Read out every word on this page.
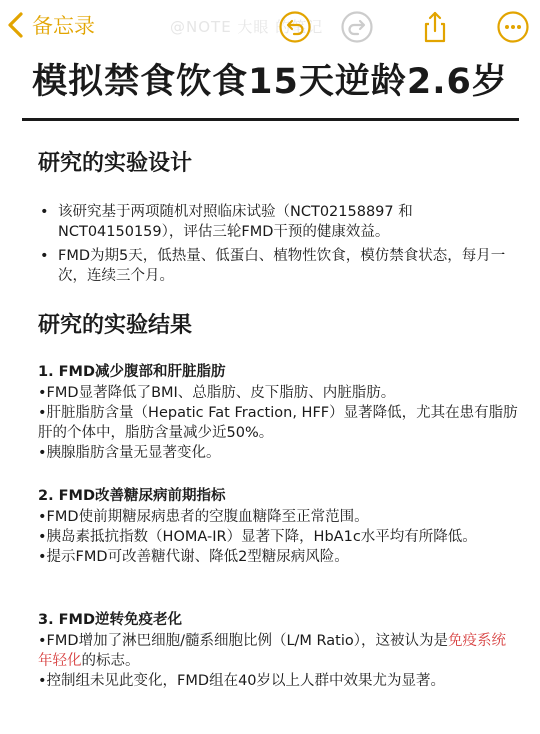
备忘录	@NOTE 大眼 的笔记
模拟禁食饮食15天逆龄2.6岁
研究的实验设计
• 该研究基于两项随机对照临床试验（NCT02158897 和 NCT04150159），评估三轮FMD干预的健康效益。
• FMD为期5天，低热量、低蛋白、植物性饮食，模仿禁食状态，每月一次，连续三个月。
研究的实验结果
1. FMD减少腹部和肝脏脂肪

•FMD显著降低了BMI、总脂肪、皮下脂肪、内脏脂肪。

•肝脏脂肪含量（Hepatic Fat Fraction, HFF）显著降低，尤其在患有脂肪肝的个体中，脂肪含量减少近50%。

•胰腺脂肪含量无显著变化。

2. FMD改善糖尿病前期指标

•FMD使前期糖尿病患者的空腹血糖降至正常范围。

•胰岛素抵抗指数（HOMA-IR）显著下降，HbA1c水平均有所降低。

•提示FMD可改善糖代谢、降低2型糖尿病风险。

3. FMD逆转免疫老化

•FMD增加了淋巴细胞/髓系细胞比例（L/M Ratio），这被认为是免疫系统年轻化的标志。

•控制组未见此变化，FMD组在40岁以上人群中效果尤为显著。
